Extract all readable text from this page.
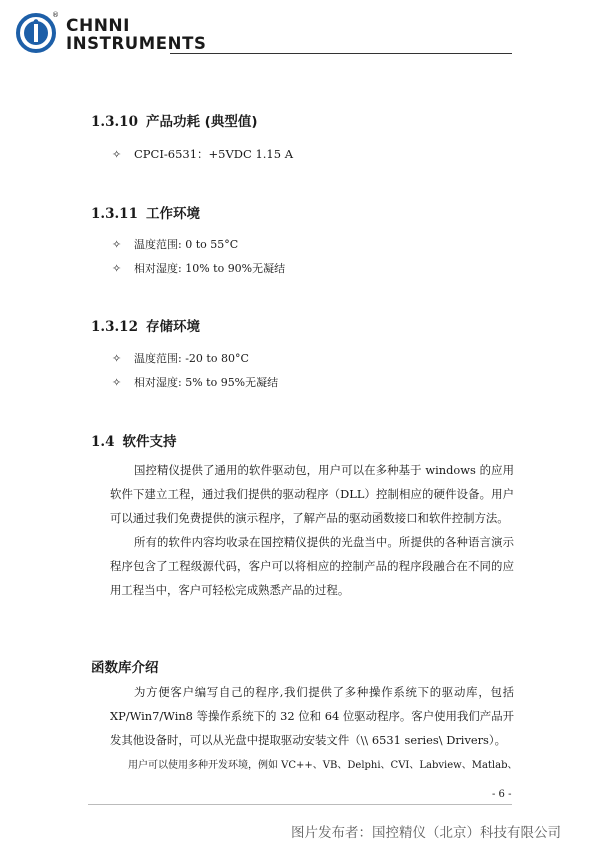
®
CHNNI
INSTRUMENTS
1.3.10 产品功耗 (典型值)
✧ CPCI-6531：+5VDC 1.15 A
1.3.11 工作环境
✧ 温度范围: 0 to 55°C
✧ 相对湿度: 10% to 90%无凝结
1.3.12 存储环境
✧ 温度范围: -20 to 80°C
✧ 相对湿度: 5% to 95%无凝结
1.4 软件支持

国控精仪提供了通用的软件驱动包，用户可以在多种基于 windows 的应用软件下建立工程，通过我们提供的驱动程序（DLL）控制相应的硬件设备。用户可以通过我们免费提供的演示程序，了解产品的驱动函数接口和软件控制方法。

所有的软件内容均收录在国控精仪提供的光盘当中。所提供的各种语言演示程序包含了工程级源代码，客户可以将相应的控制产品的程序段融合在不同的应用工程当中，客户可轻松完成熟悉产品的过程。

函数库介绍

为方便客户编写自己的程序,我们提供了多种操作系统下的驱动库，包括 XP/Win7/Win8 等操作系统下的 32 位和 64 位驱动程序。客户使用我们产品开发其他设备时，可以从光盘中提取驱动安装文件（\\ 6531 series\ Drivers）。

用户可以使用多种开发环境，例如 VC++、VB、Delphi、CVI、Labview、Matlab、
- 6 -
图片发布者：国控精仪（北京）科技有限公司
